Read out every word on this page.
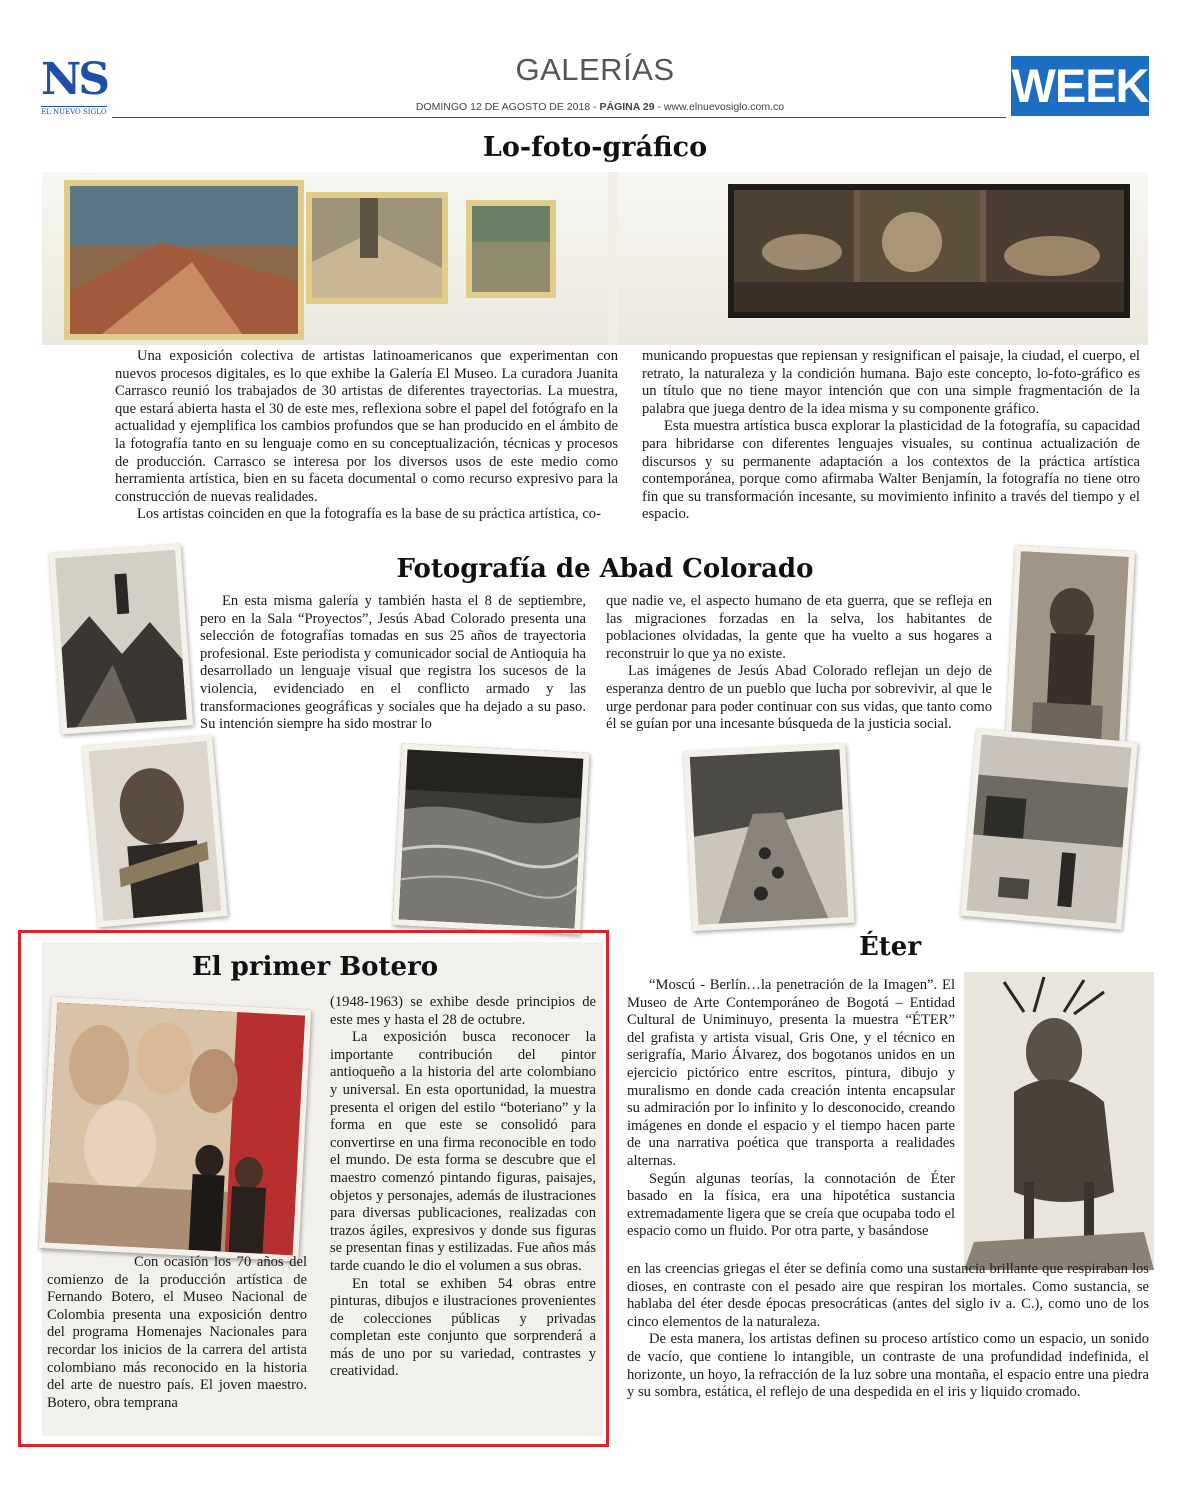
NS
EL NUEVO SIGLO
GALERÍAS
DOMINGO 12 DE AGOSTO DE 2018 - PÁGINA 29 - www.elnuevosiglo.com.co	WEEK
Lo-foto-gráfico

Una exposición colectiva de artistas latinoamericanos que experimentan con nuevos procesos digitales, es lo que exhibe la Galería El Museo. La curadora Juanita Carrasco reunió los trabajados de 30 artistas de diferentes trayectorias. La muestra, que estará abierta hasta el 30 de este mes, reflexiona sobre el papel del fotógrafo en la actualidad y ejemplifica los cambios profundos que se han producido en el ámbito de la fotografía tanto en su lenguaje como en su conceptualización, técnicas y procesos de producción. Carrasco se interesa por los diversos usos de este medio como herramienta artística, bien en su faceta documental o como recurso expresivo para la construcción de nuevas realidades.

Los artistas coinciden en que la fotografía es la base de su práctica artística, co-

municando propuestas que repiensan y resignifican el paisaje, la ciudad, el cuerpo, el retrato, la naturaleza y la condición humana. Bajo este concepto, lo-foto-gráfico es un título que no tiene mayor intención que con una simple fragmentación de la palabra que juega dentro de la idea misma y su componente gráfico.

Esta muestra artística busca explorar la plasticidad de la fotografía, su capacidad para hibridarse con diferentes lenguajes visuales, su continua actualización de discursos y su permanente adaptación a los contextos de la práctica artística contemporánea, porque como afirmaba Walter Benjamín, la fotografía no tiene otro fin que su transformación incesante, su movimiento infinito a través del tiempo y el espacio.

Fotografía de Abad Colorado

En esta misma galería y también hasta el 8 de septiembre, pero en la Sala “Proyectos”, Jesús Abad Colorado presenta una selección de fotografías tomadas en sus 25 años de trayectoria profesional. Este periodista y comunicador social de Antioquia ha desarrollado un lenguaje visual que registra los sucesos de la violencia, evidenciado en el conflicto armado y las transformaciones geográficas y sociales que ha dejado a su paso. Su intención siempre ha sido mostrar lo

que nadie ve, el aspecto humano de eta guerra, que se refleja en las migraciones forzadas en la selva, los habitantes de poblaciones olvidadas, la gente que ha vuelto a sus hogares a reconstruir lo que ya no existe.

Las imágenes de Jesús Abad Colorado reflejan un dejo de esperanza dentro de un pueblo que lucha por sobrevivir, al que le urge perdonar para poder continuar con sus vidas, que tanto como él se guían por una incesante búsqueda de la justicia social.

El primer Botero

Con ocasión los 70 años del comienzo de la producción artística de Fernando Botero, el Museo Nacional de Colombia presenta una exposición dentro del programa Homenajes Nacionales para recordar los inicios de la carrera del artista colombiano más reconocido en la historia del arte de nuestro país. El joven maestro. Botero, obra temprana

(1948-1963) se exhibe desde principios de este mes y hasta el 28 de octubre.

La exposición busca reconocer la importante contribución del pintor antioqueño a la historia del arte colombiano y universal. En esta oportunidad, la muestra presenta el origen del estilo “boteriano” y la forma en que este se consolidó para convertirse en una firma reconocible en todo el mundo. De esta forma se descubre que el maestro comenzó pintando figuras, paisajes, objetos y personajes, además de ilustraciones para diversas publicaciones, realizadas con trazos ágiles, expresivos y donde sus figuras se presentan finas y estilizadas. Fue años más tarde cuando le dio el volumen a sus obras.

En total se exhiben 54 obras entre pinturas, dibujos e ilustraciones provenientes de colecciones públicas y privadas completan este conjunto que sorprenderá a más de uno por su variedad, contrastes y creatividad.

Éter

“Moscú - Berlín…la penetración de la Imagen”. El Museo de Arte Contemporáneo de Bogotá – Entidad Cultural de Uniminuyo, presenta la muestra “ÉTER” del grafista y artista visual, Gris One, y el técnico en serigrafía, Mario Álvarez, dos bogotanos unidos en un ejercicio pictórico entre escritos, pintura, dibujo y muralismo en donde cada creación intenta encapsular su admiración por lo infinito y lo desconocido, creando imágenes en donde el espacio y el tiempo hacen parte de una narrativa poética que transporta a realidades alternas.

Según algunas teorías, la connotación de Éter basado en la física, era una hipotética sustancia extremadamente ligera que se creía que ocupaba todo el espacio como un fluido. Por otra parte, y basándose

en las creencias griegas el éter se definía como una sustancia brillante que respiraban los dioses, en contraste con el pesado aire que respiran los mortales. Como sustancia, se hablaba del éter desde épocas presocráticas (antes del siglo iv a. C.), como uno de los cinco elementos de la naturaleza.

De esta manera, los artistas definen su proceso artístico como un espacio, un sonido de vacío, que contiene lo intangible, un contraste de una profundidad indefinida, el horizonte, un hoyo, la refracción de la luz sobre una montaña, el espacio entre una piedra y su sombra, estática, el reflejo de una despedida en el iris y liquido cromado.
